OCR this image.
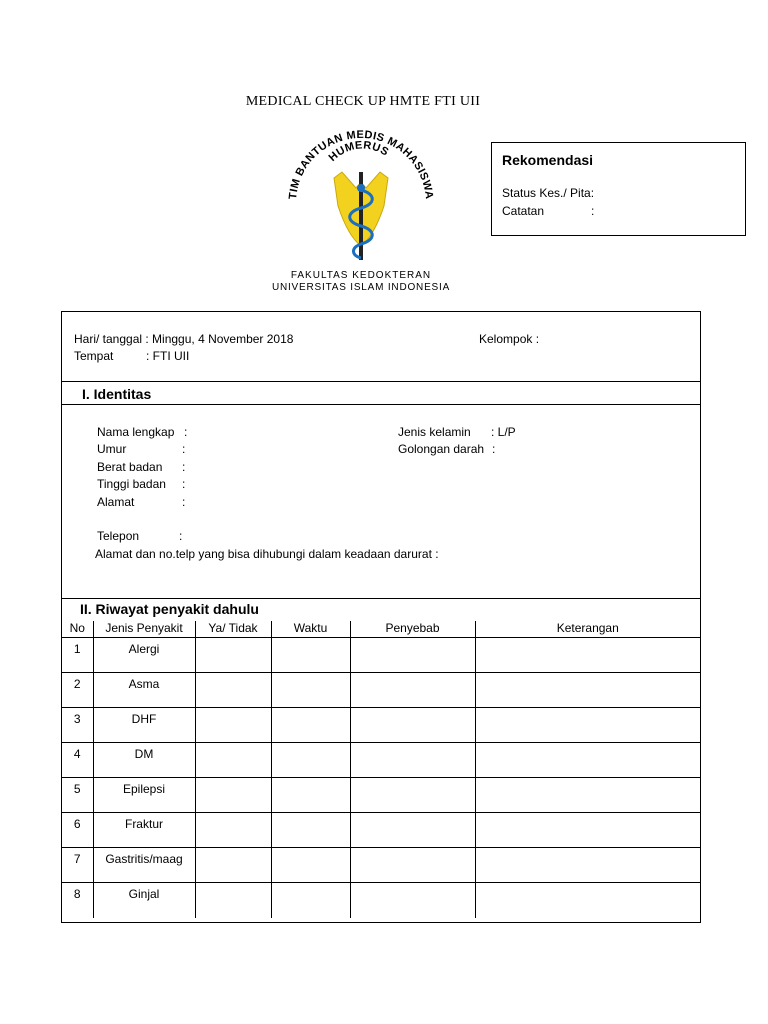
MEDICAL CHECK UP HMTE FTI UII
TIM BANTUAN MEDIS MAHASISWA
HUMERUS
FAKULTAS KEDOKTERAN
UNIVERSITAS ISLAM INDONESIA
Rekomendasi
Status Kes./ Pita:
Catatan	:
Hari/ tanggal : Minggu, 4 November 2018
Tempat	: FTI UII
Kelompok :
I. Identitas
Nama lengkap :
Umur	:
Berat badan :
Tinggi badan :
Alamat	:
Telepon	:
Jenis kelamin : L/P
Golongan darah :
Alamat dan no.telp yang bisa dihubungi dalam keadaan darurat :
II. Riwayat penyakit dahulu
No	Jenis Penyakit	Ya/ Tidak	Waktu	Penyebab	Keterangan
1	Alergi				
2	Asma				
3	DHF				
4	DM				
5	Epilepsi				
6	Fraktur				
7	Gastritis/maag				
8	Ginjal				
